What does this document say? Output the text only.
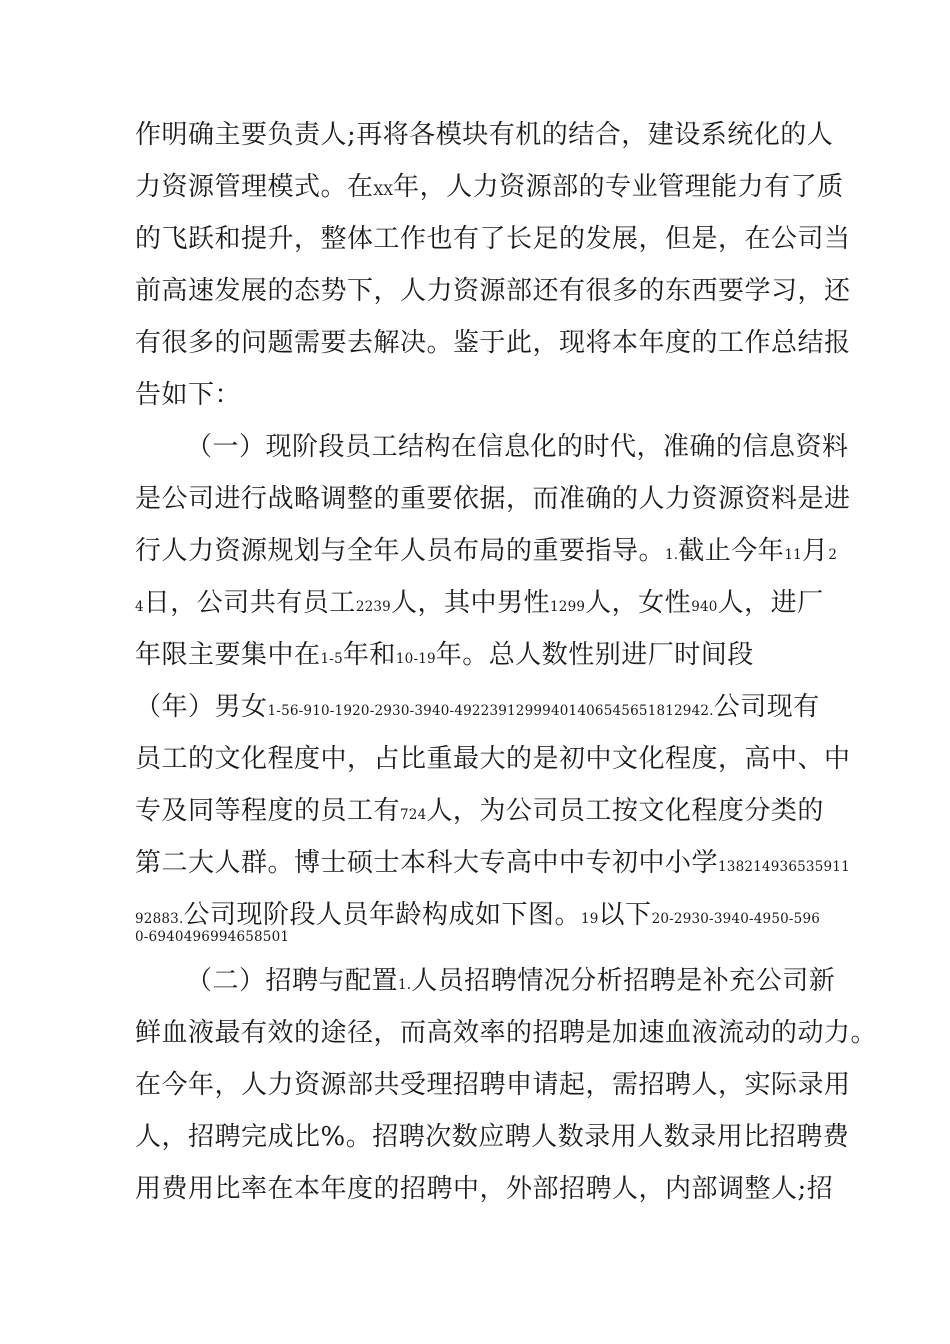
作明确主要负责人;再将各模块有机的结合，建设系统化的人
力资源管理模式。在XX年，人力资源部的专业管理能力有了质
的飞跃和提升，整体工作也有了长足的发展，但是，在公司当
前高速发展的态势下，人力资源部还有很多的东西要学习，还
有很多的问题需要去解决。鉴于此，现将本年度的工作总结报
告如下：
（一）现阶段员工结构在信息化的时代，准确的信息资料
是公司进行战略调整的重要依据，而准确的人力资源资料是进
行人力资源规划与全年人员布局的重要指导。1.截止今年11月2
4日，公司共有员工2239人，其中男性1299人，女性940人，进厂
年限主要集中在1-5年和10-19年。总人数性别进厂时间段
（年）男女1-56-910-1920-2930-3940-49223912999401406545651812942.公司现有
员工的文化程度中，占比重最大的是初中文化程度，高中、中
专及同等程度的员工有724人，为公司员工按文化程度分类的
第二大人群。博士硕士本科大专高中中专初中小学138214936535911
92883.公司现阶段人员年龄构成如下图。19以下20-2930-3940-4950-596
0-6940496994658501
（二）招聘与配置1.人员招聘情况分析招聘是补充公司新
鲜血液最有效的途径，而高效率的招聘是加速血液流动的动力。
在今年，人力资源部共受理招聘申请起，需招聘人，实际录用
人，招聘完成比%。招聘次数应聘人数录用人数录用比招聘费
用费用比率在本年度的招聘中，外部招聘人，内部调整人;招
